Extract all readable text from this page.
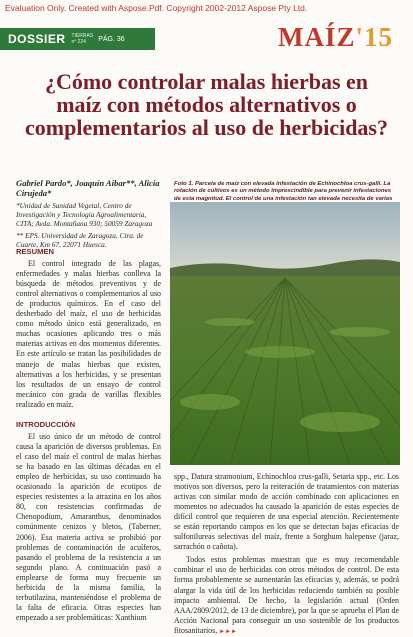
Evaluation Only. Created with Aspose.Pdf. Copyright 2002-2012 Aspose Pty Ltd.
DOSSIER TIERRAS
nº 224	PÁG. 36	MAÍZ'15
¿Cómo controlar malas hierbas en maíz con métodos alternativos o complementarios al uso de herbicidas?
Gabriel Pardo*, Joaquín Aibar**, Alicia Cirujeda*
*Unidad de Sanidad Vegetal, Centro de Investigación y Tecnología Agroalimentaria, CITA; Avda. Montañana 930; 50059 Zaragoza
** EPS. Universidad de Zaragoza, Ctra. de Cuarte, Km 67, 22071 Huesca.
Foto 1. Parcela de maíz con elevada infestación de Echinochloa crus-galli. La rotación de cultivos es un método imprescindible para prevenir infestaciones de esta magnitud. El control de una infestación tan elevada necesita de varias
RESUMEN
El control integrado de las plagas, enfermedades y malas hierbas conlleva la búsqueda de métodos preventivos y de control alternativos o complementarios al uso de productos químicos. En el caso del desherbado del maíz, el uso de herbicidas como método único está generalizado, en muchas ocasiones aplicando tres o más materias activas en dos momentos diferentes. En este artículo se tratan las posibilidades de manejo de malas hierbas que existen, alternativas a los herbicidas, y se presentan los resultados de un ensayo de control mecánico con grada de varillas flexibles realizado en maíz.
INTRODUCCIÓN
El uso único de un método de control causa la aparición de diversos problemas. En el caso del maíz el control de malas hierbas se ha basado en las últimas décadas en el empleo de herbicidas, su uso continuado ha ocasionado la aparición de ecotipos de especies resistentes a la atrazina en los años 80, con resistencias confirmadas de Chenopodium, Amaranthus, denominados comúnmente cenizos y bletos, (Taberner, 2006). Esa materia activa se prohibió por problemas de contaminación de acuíferos, pasando el problema de la resistencia a un segundo plano. A continuación pasó a emplearse de forma muy frecuente un herbicida de la misma familia, la terbutilazina, manteniéndose el problema de la falta de eficacia. Otras especies han empezado a ser problemáticas: Xanthium
spp., Datura stramonium, Echinochloa crus-galli, Setaria spp., etc. Los motivos son diversos, pero la reiteración de tratamientos con materias activas con similar modo de acción combinado con aplicaciones en momentos no adecuados ha causado la aparición de estas especies de difícil control que requieren de una especial atención. Recientemente se están reportando campos en los que se detectan bajas eficacias de sulfonilureas selectivas del maíz, frente a Sorghum halepense (jaraz, sarrachón o cañota).
Todos estos problemas muestran que es muy recomendable combinar el uso de herbicidas con otros métodos de control. De esta forma probablemente se aumentarán las eficacias y, además, se podrá alargar la vida útil de los herbicidas reduciendo también su posible impacto ambiental. De hecho, la legislación actual (Orden AAA/2809/2012, de 13 de diciembre), por la que se aprueba el Plan de Acción Nacional para conseguir un uso sostenible de los productos fitosanitarios, ►►►
